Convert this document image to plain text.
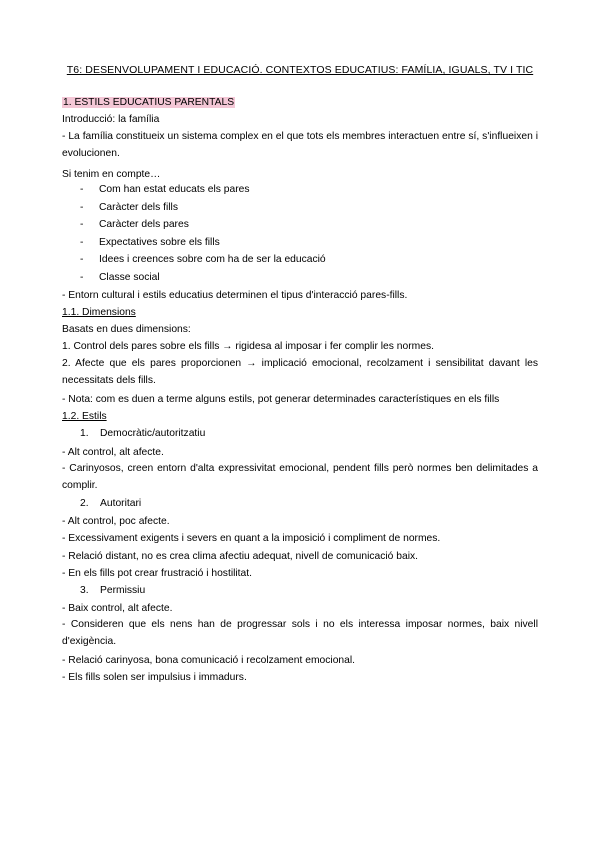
T6: DESENVOLUPAMENT I EDUCACIÓ. CONTEXTOS EDUCATIUS: FAMÍLIA, IGUALS, TV I TIC
1. ESTILS EDUCATIUS PARENTALS
Introducció: la família
- La família constitueix un sistema complex en el que tots els membres interactuen entre sí, s'influeixen i evolucionen.
Si tenim en compte…
- Com han estat educats els pares
- Caràcter dels fills
- Caràcter dels pares
- Expectatives sobre els fills
- Idees i creences sobre com ha de ser la educació
- Classe social
- Entorn cultural i estils educatius determinen el tipus d'interacció pares-fills.
1.1. Dimensions
Basats en dues dimensions:
1. Control dels pares sobre els fills → rigidesa al imposar i fer complir les normes.
2. Afecte que els pares proporcionen → implicació emocional, recolzament i sensibilitat davant les necessitats dels fills.
- Nota: com es duen a terme alguns estils, pot generar determinades característiques en els fills
1.2. Estils
1. Democràtic/autoritzatiu
- Alt control, alt afecte.
- Carinyosos, creen entorn d'alta expressivitat emocional, pendent fills però normes ben delimitades a complir.
2. Autoritari
- Alt control, poc afecte.
- Excessivament exigents i severs en quant a la imposició i compliment de normes.
- Relació distant, no es crea clima afectiu adequat, nivell de comunicació baix.
- En els fills pot crear frustració i hostilitat.
3. Permissiu
- Baix control, alt afecte.
- Consideren que els nens han de progressar sols i no els interessa imposar normes, baix nivell d'exigència.
- Relació carinyosa, bona comunicació i recolzament emocional.
- Els fills solen ser impulsius i immadurs.
